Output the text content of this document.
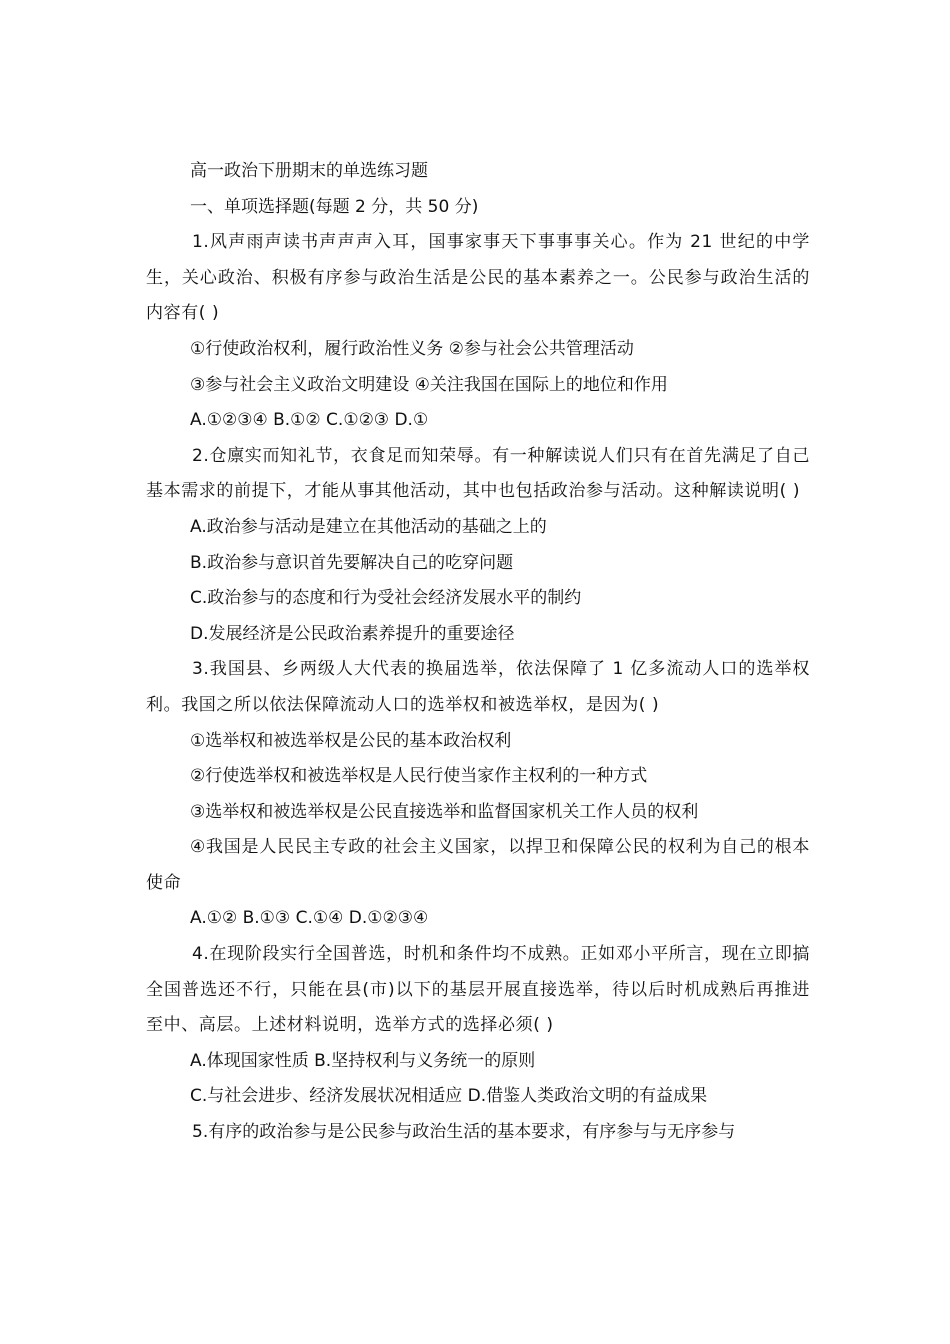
高一政治下册期末的单选练习题
一、单项选择题(每题 2 分，共 50 分)
1.风声雨声读书声声声入耳，国事家事天下事事事关心。作为 21 世纪的中学生，关心政治、积极有序参与政治生活是公民的基本素养之一。公民参与政治生活的内容有( )
①行使政治权利，履行政治性义务 ②参与社会公共管理活动
③参与社会主义政治文明建设 ④关注我国在国际上的地位和作用
A.①②③④ B.①② C.①②③ D.①
2.仓廪实而知礼节，衣食足而知荣辱。有一种解读说人们只有在首先满足了自己基本需求的前提下，才能从事其他活动，其中也包括政治参与活动。这种解读说明( )
A.政治参与活动是建立在其他活动的基础之上的
B.政治参与意识首先要解决自己的吃穿问题
C.政治参与的态度和行为受社会经济发展水平的制约
D.发展经济是公民政治素养提升的重要途径
3.我国县、乡两级人大代表的换届选举，依法保障了 1 亿多流动人口的选举权利。我国之所以依法保障流动人口的选举权和被选举权，是因为( )
①选举权和被选举权是公民的基本政治权利
②行使选举权和被选举权是人民行使当家作主权利的一种方式
③选举权和被选举权是公民直接选举和监督国家机关工作人员的权利
④我国是人民民主专政的社会主义国家，以捍卫和保障公民的权利为自己的根本使命
A.①② B.①③ C.①④ D.①②③④
4.在现阶段实行全国普选，时机和条件均不成熟。正如邓小平所言，现在立即搞全国普选还不行，只能在县(市)以下的基层开展直接选举，待以后时机成熟后再推进至中、高层。上述材料说明，选举方式的选择必须( )
A.体现国家性质 B.坚持权利与义务统一的原则
C.与社会进步、经济发展状况相适应 D.借鉴人类政治文明的有益成果
5.有序的政治参与是公民参与政治生活的基本要求，有序参与与无序参与
